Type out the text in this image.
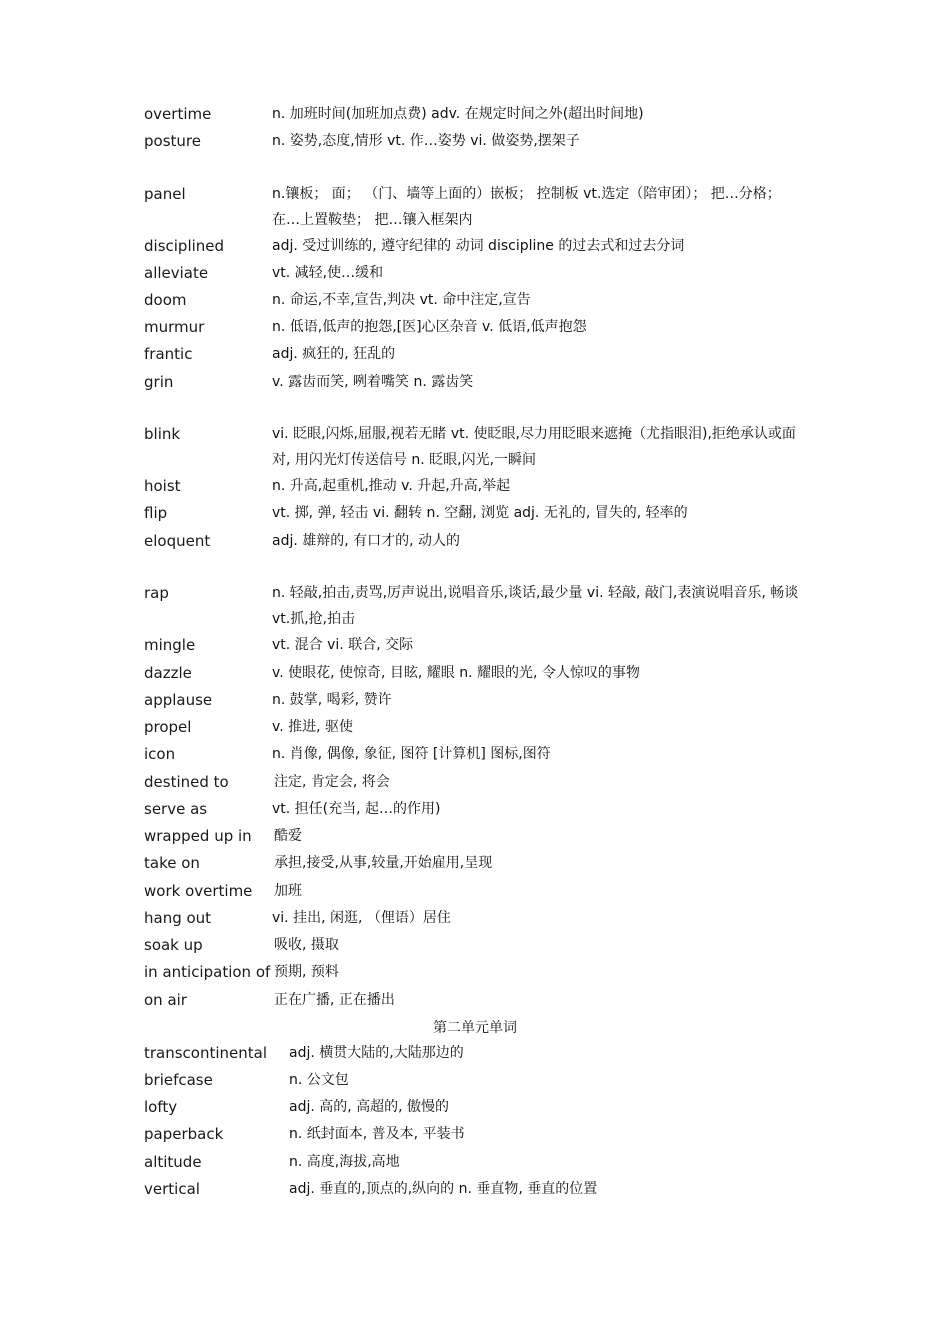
overtime	n. 加班时间(加班加点费) adv. 在规定时间之外(超出时间地)
posture	n. 姿势,态度,情形 vt. 作…姿势 vi. 做姿势,摆架子
panel	n.镶板； 面； （门、墙等上面的）嵌板； 控制板 vt.选定（陪审团）； 把…分格； 在…上置鞍垫； 把…镶入框架内
disciplined	adj. 受过训练的, 遵守纪律的 动词 discipline 的过去式和过去分词
alleviate	vt. 减轻,使…缓和
doom	n. 命运,不幸,宣告,判决 vt. 命中注定,宣告
murmur	n. 低语,低声的抱怨,[医]心区杂音 v. 低语,低声抱怨
frantic	adj. 疯狂的, 狂乱的
grin	v. 露齿而笑, 咧着嘴笑 n. 露齿笑
blink	vi. 眨眼,闪烁,屈服,视若无睹 vt. 使眨眼,尽力用眨眼来遮掩（尤指眼泪),拒绝承认或面对, 用闪光灯传送信号 n. 眨眼,闪光,一瞬间
hoist	n. 升高,起重机,推动 v. 升起,升高,举起
flip	vt. 掷, 弹, 轻击 vi. 翻转 n. 空翻, 浏览 adj. 无礼的, 冒失的, 轻率的
eloquent	adj. 雄辩的, 有口才的, 动人的
rap	n. 轻敲,拍击,责骂,厉声说出,说唱音乐,谈话,最少量 vi. 轻敲, 敲门,表演说唱音乐, 畅谈 vt.抓,抢,拍击
mingle	vt. 混合 vi. 联合, 交际
dazzle	v. 使眼花, 使惊奇, 目眩, 耀眼 n. 耀眼的光, 令人惊叹的事物
applause	n. 鼓掌, 喝彩, 赞许
propel	v. 推进, 驱使
icon	n. 肖像, 偶像, 象征, 图符 [计算机] 图标,图符
destined to	注定, 肯定会, 将会
serve as	vt. 担任(充当, 起…的作用)
wrapped up in 酷爱
take on	承担,接受,从事,较量,开始雇用,呈现
work overtime 加班
hang out	vi. 挂出, 闲逛, （俚语）居住
soak up	吸收, 摄取
in anticipation of 预期, 预料
on air	正在广播, 正在播出
第二单元单词
transcontinental adj. 横贯大陆的,大陆那边的
briefcase	n. 公文包
lofty	adj. 高的, 高超的, 傲慢的
paperback	n. 纸封面本, 普及本, 平装书
altitude	n. 高度,海拔,高地
vertical	adj. 垂直的,顶点的,纵向的 n. 垂直物, 垂直的位置
